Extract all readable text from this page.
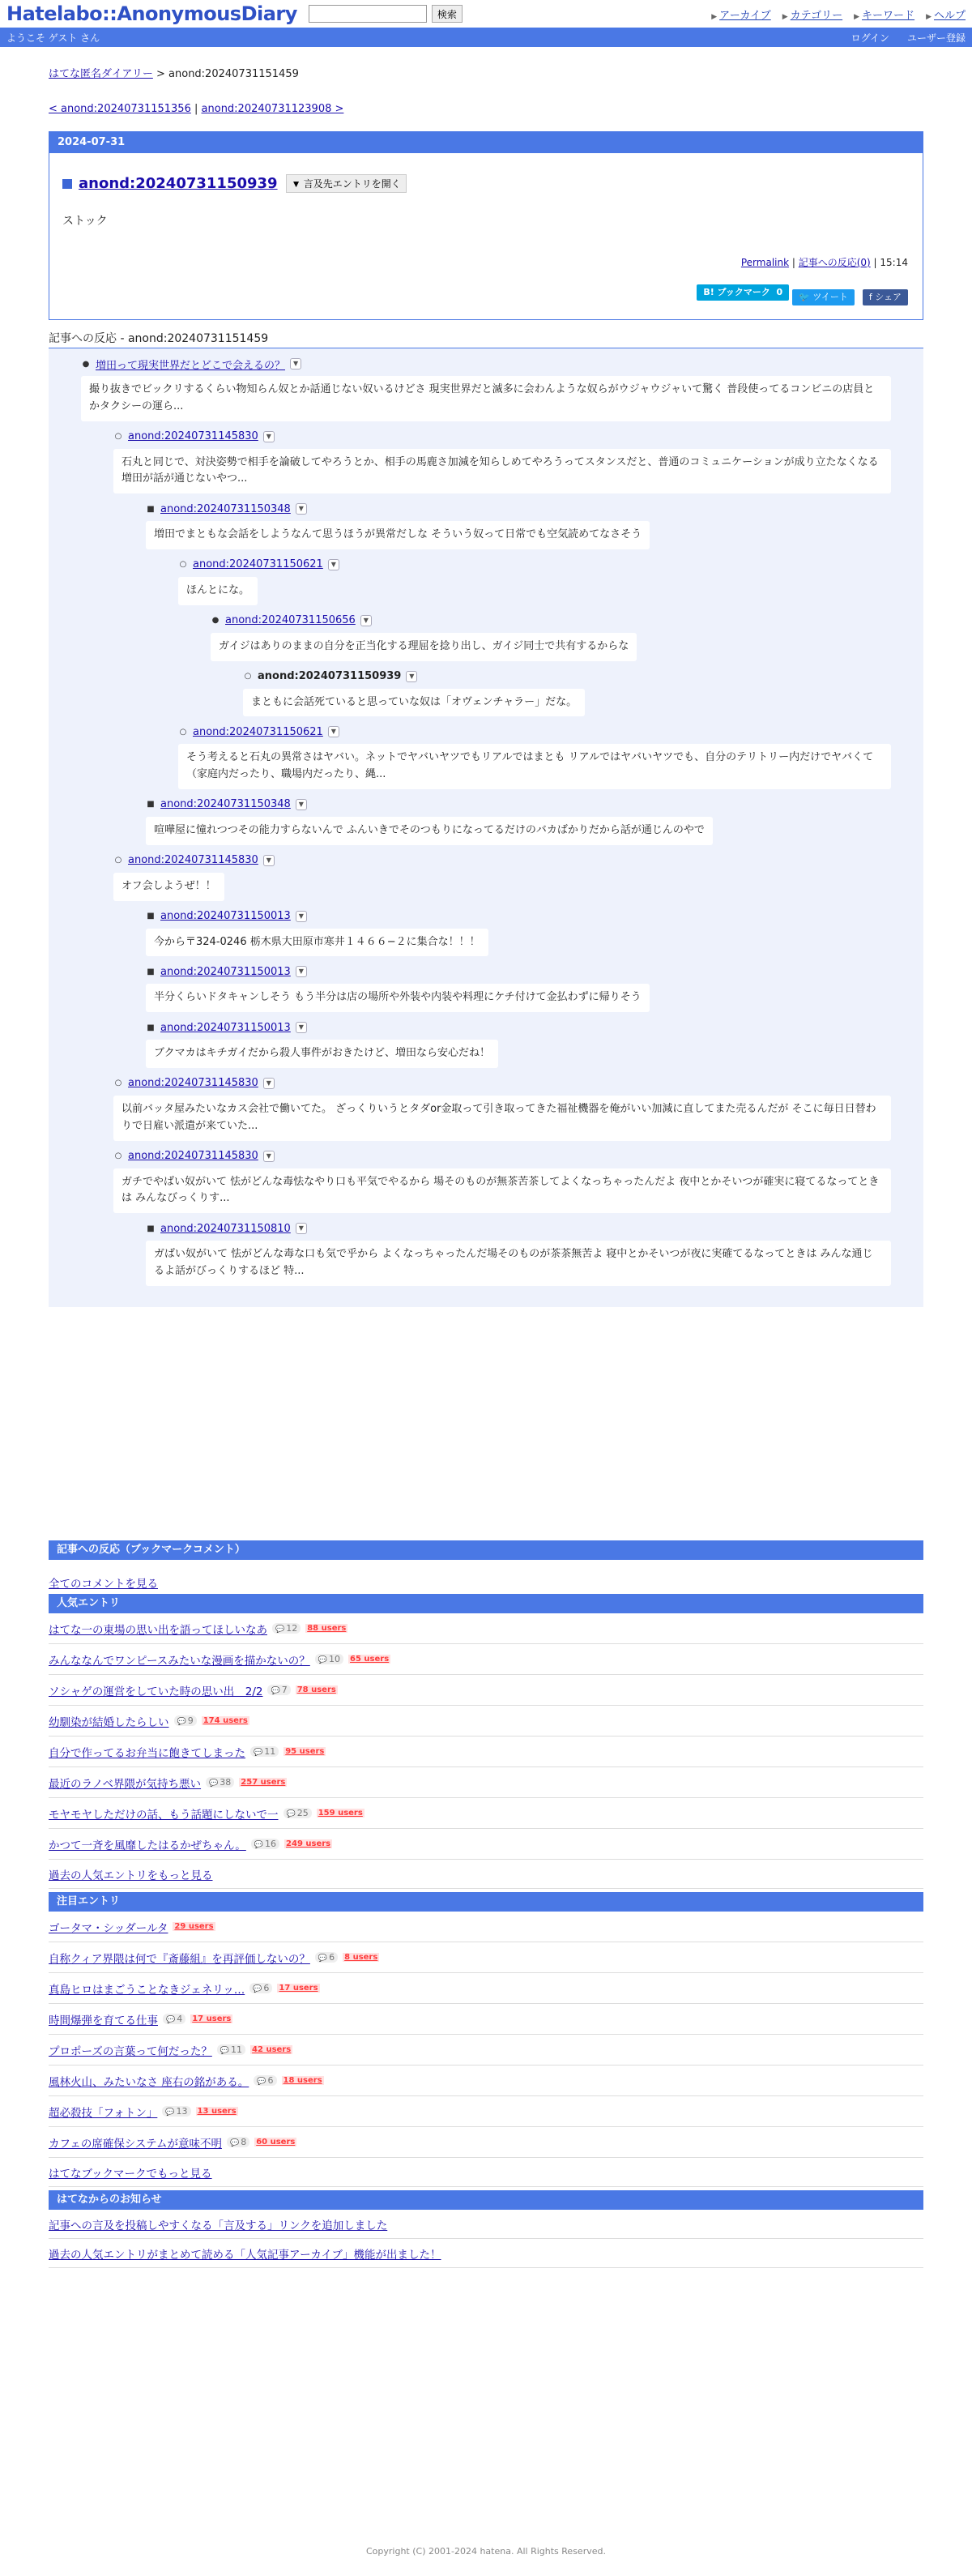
Hatelabo::AnonymousDiary	検索	▶ アーカイブ	▶ カテゴリー	▶ キーワード	▶ ヘルプ
ようこそ ゲスト さん	ログイン ユーザー登録
はてな匿名ダイアリー > anond:20240731151459
< anond:20240731151356 | anond:20240731123908 >
2024-07-31
anond:20240731150939	▼ 言及先エントリを開く
ストック
Permalink | 記事への反応(0) | 15:14
B! ブックマーク 0	🐦 ツイート	f シェア
記事への反応 - anond:20240731151459
● 増田って現実世界だとどこで会えるの？	▼
撮り抜きでビックリするくらい物知らん奴とか話通じない奴いるけどさ 現実世界だと滅多に会わんような奴らがウジャウジャいて驚く 普段使ってるコンビニの店員とかタクシーの運ら...
○ anond:20240731145830	▼
石丸と同じで、対決姿勢で相手を論破してやろうとか、相手の馬鹿さ加減を知らしめてやろうってスタンスだと、普通のコミュニケーションが成り立たなくなる 増田が話が通じないやつ...
■ anond:20240731150348	▼
増田でまともな会話をしようなんて思うほうが異常だしな そういう奴って日常でも空気読めてなさそう
○ anond:20240731150621	▼
ほんとにな。
● anond:20240731150656	▼
ガイジはありのままの自分を正当化する理屈を捻り出し、ガイジ同士で共有するからな
○ anond:20240731150939	▼
まともに会話死ていると思っていな奴は「オヴェンチャラー」だな。
○ anond:20240731150621	▼
そう考えると石丸の異常さはヤバい。ネットでヤバいヤツでもリアルではまとも リアルではヤバいヤツでも、自分のテリトリー内だけでヤバくて（家庭内だったり、職場内だったり、縄...
■ anond:20240731150348	▼
喧嘩屋に憧れつつその能力すらないんで ふんいきでそのつもりになってるだけのバカばかりだから話が通じんのやで
○ anond:20240731145830	▼
オフ会しようぜ！！
■ anond:20240731150013	▼
今から〒324-0246 栃木県大田原市寒井１４６６−２に集合な！！！
■ anond:20240731150013	▼
半分くらいドタキャンしそう もう半分は店の場所や外装や内装や料理にケチ付けて金払わずに帰りそう
■ anond:20240731150013	▼
ブクマカはキチガイだから殺人事件がおきたけど、増田なら安心だね！
○ anond:20240731145830	▼
以前バッタ屋みたいなカス会社で働いてた。 ざっくりいうとタダor金取って引き取ってきた福祉機器を俺がいい加減に直してまた売るんだが そこに毎日日替わりで日雇い派遣が来ていた...
○ anond:20240731145830	▼
ガチでやばい奴がいて 怯がどんな毒怯なやり口も平気でやるから 場そのものが無茶苦茶してよくなっちゃったんだよ 夜中とかそいつが確実に寝てるなってときは みんなびっくりす...
■ anond:20240731150810	▼
ガばい奴がいて 怯がどんな毒な口も気で乎から よくなっちゃったんだ場そのものが茶茶無苦よ 寝中とかそいつが夜に実確てるなってときは みんな通じるよ話がびっくりするほど 特...
記事への反応（ブックマークコメント）
全てのコメントを見る
人気エントリ
はてな一の東場の思い出を語ってほしいなあ	💬 12	88 users
みんななんでワンピースみたいな漫画を描かないの？	💬 10	65 users
ソシャゲの運営をしていた時の思い出　2/2	💬 7	78 users
幼馴染が結婚したらしい	💬 9	174 users
自分で作ってるお弁当に飽きてしまった	💬 11	95 users
最近のラノベ界隈が気持ち悪い	💬 38	257 users
モヤモヤしただけの話、もう話題にしないで一	💬 25	159 users
かつて一斉を風靡したはるかぜちゃん。	💬 16	249 users
過去の人気エントリをもっと見る
注目エントリ
ゴータマ・シッダールタ 29 users
自称クィア界隈は何で『斎藤組』を再評価しないの？	💬 6	8 users
真島ヒロはまごうことなきジェネリッ…	💬 6	17 users
時間爆弾を育てる仕事	💬 4	17 users
プロポーズの言葉って何だった？	💬 11	42 users
風林火山、みたいなさ 座右の銘がある。	💬 6	18 users
超必殺技「フォトン」	💬 13	13 users
カフェの席確保システムが意味不明	💬 8	60 users
はてなブックマークでもっと見る
はてなからのお知らせ
記事への言及を投稿しやすくなる「言及する」リンクを追加しました
過去の人気エントリがまとめて読める「人気記事アーカイブ」機能が出ました！
Copyright (C) 2001-2024 hatena. All Rights Reserved.
